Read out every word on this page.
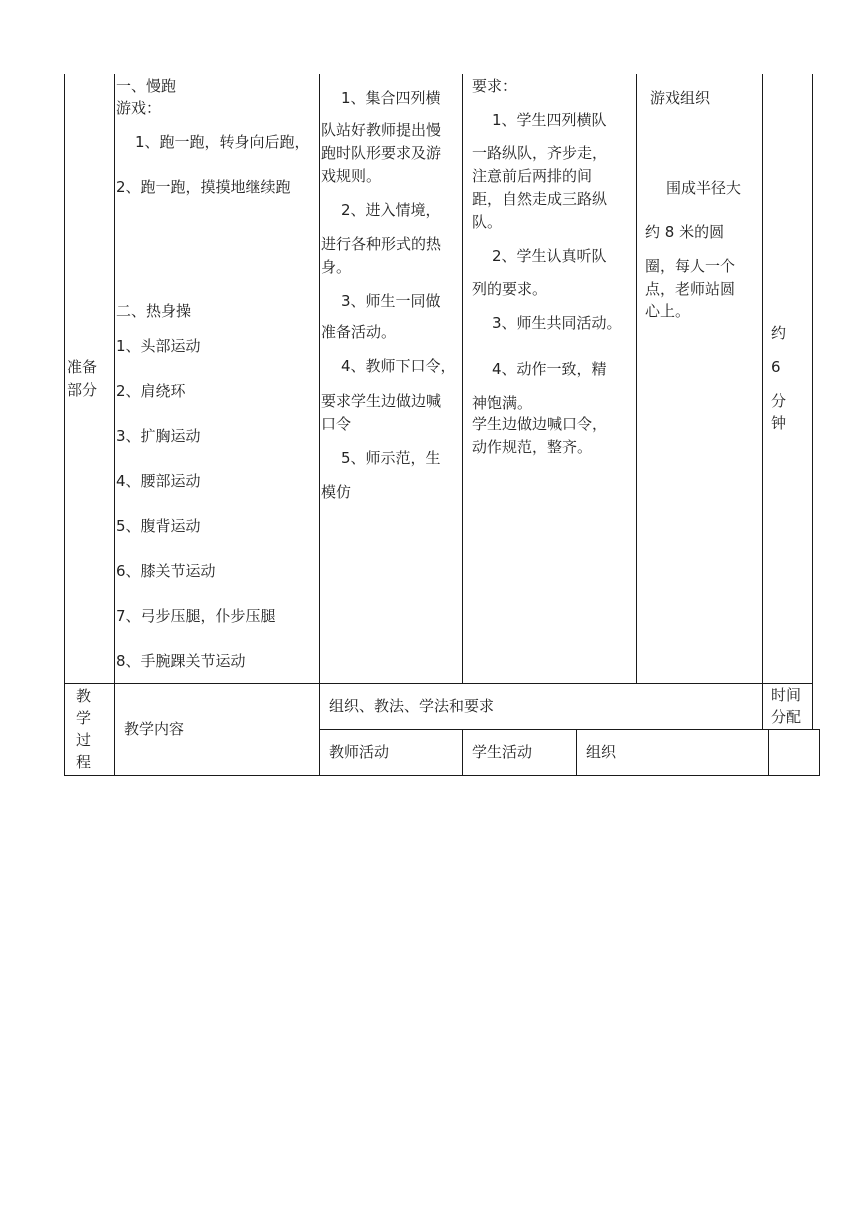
准备
部分
一、慢跑
游戏：
1、跑一跑，转身向后跑，
2、跑一跑，摸摸地继续跑
二、热身操
1、头部运动
2、肩绕环
3、扩胸运动
4、腰部运动
5、腹背运动
6、膝关节运动
7、弓步压腿，仆步压腿
8、手腕踝关节运动
1、集合四列横
队站好教师提出慢
跑时队形要求及游
戏规则。
2、进入情境，
进行各种形式的热
身。
3、师生一同做
准备活动。
4、教师下口令，
要求学生边做边喊
口令
5、师示范，生
模仿
要求：
1、学生四列横队
一路纵队，齐步走，
注意前后两排的间
距，自然走成三路纵
队。
2、学生认真听队
列的要求。
3、师生共同活动。
4、动作一致，精
神饱满。
学生边做边喊口令，
动作规范，整齐。
游戏组织
围成半径大
约 8 米的圆
圈，每人一个
点，老师站圆
心上。
约
6
分
钟
教
学
过
程
教学内容
组织、教法、学法和要求
时间
分配
教师活动	学生活动	组织
